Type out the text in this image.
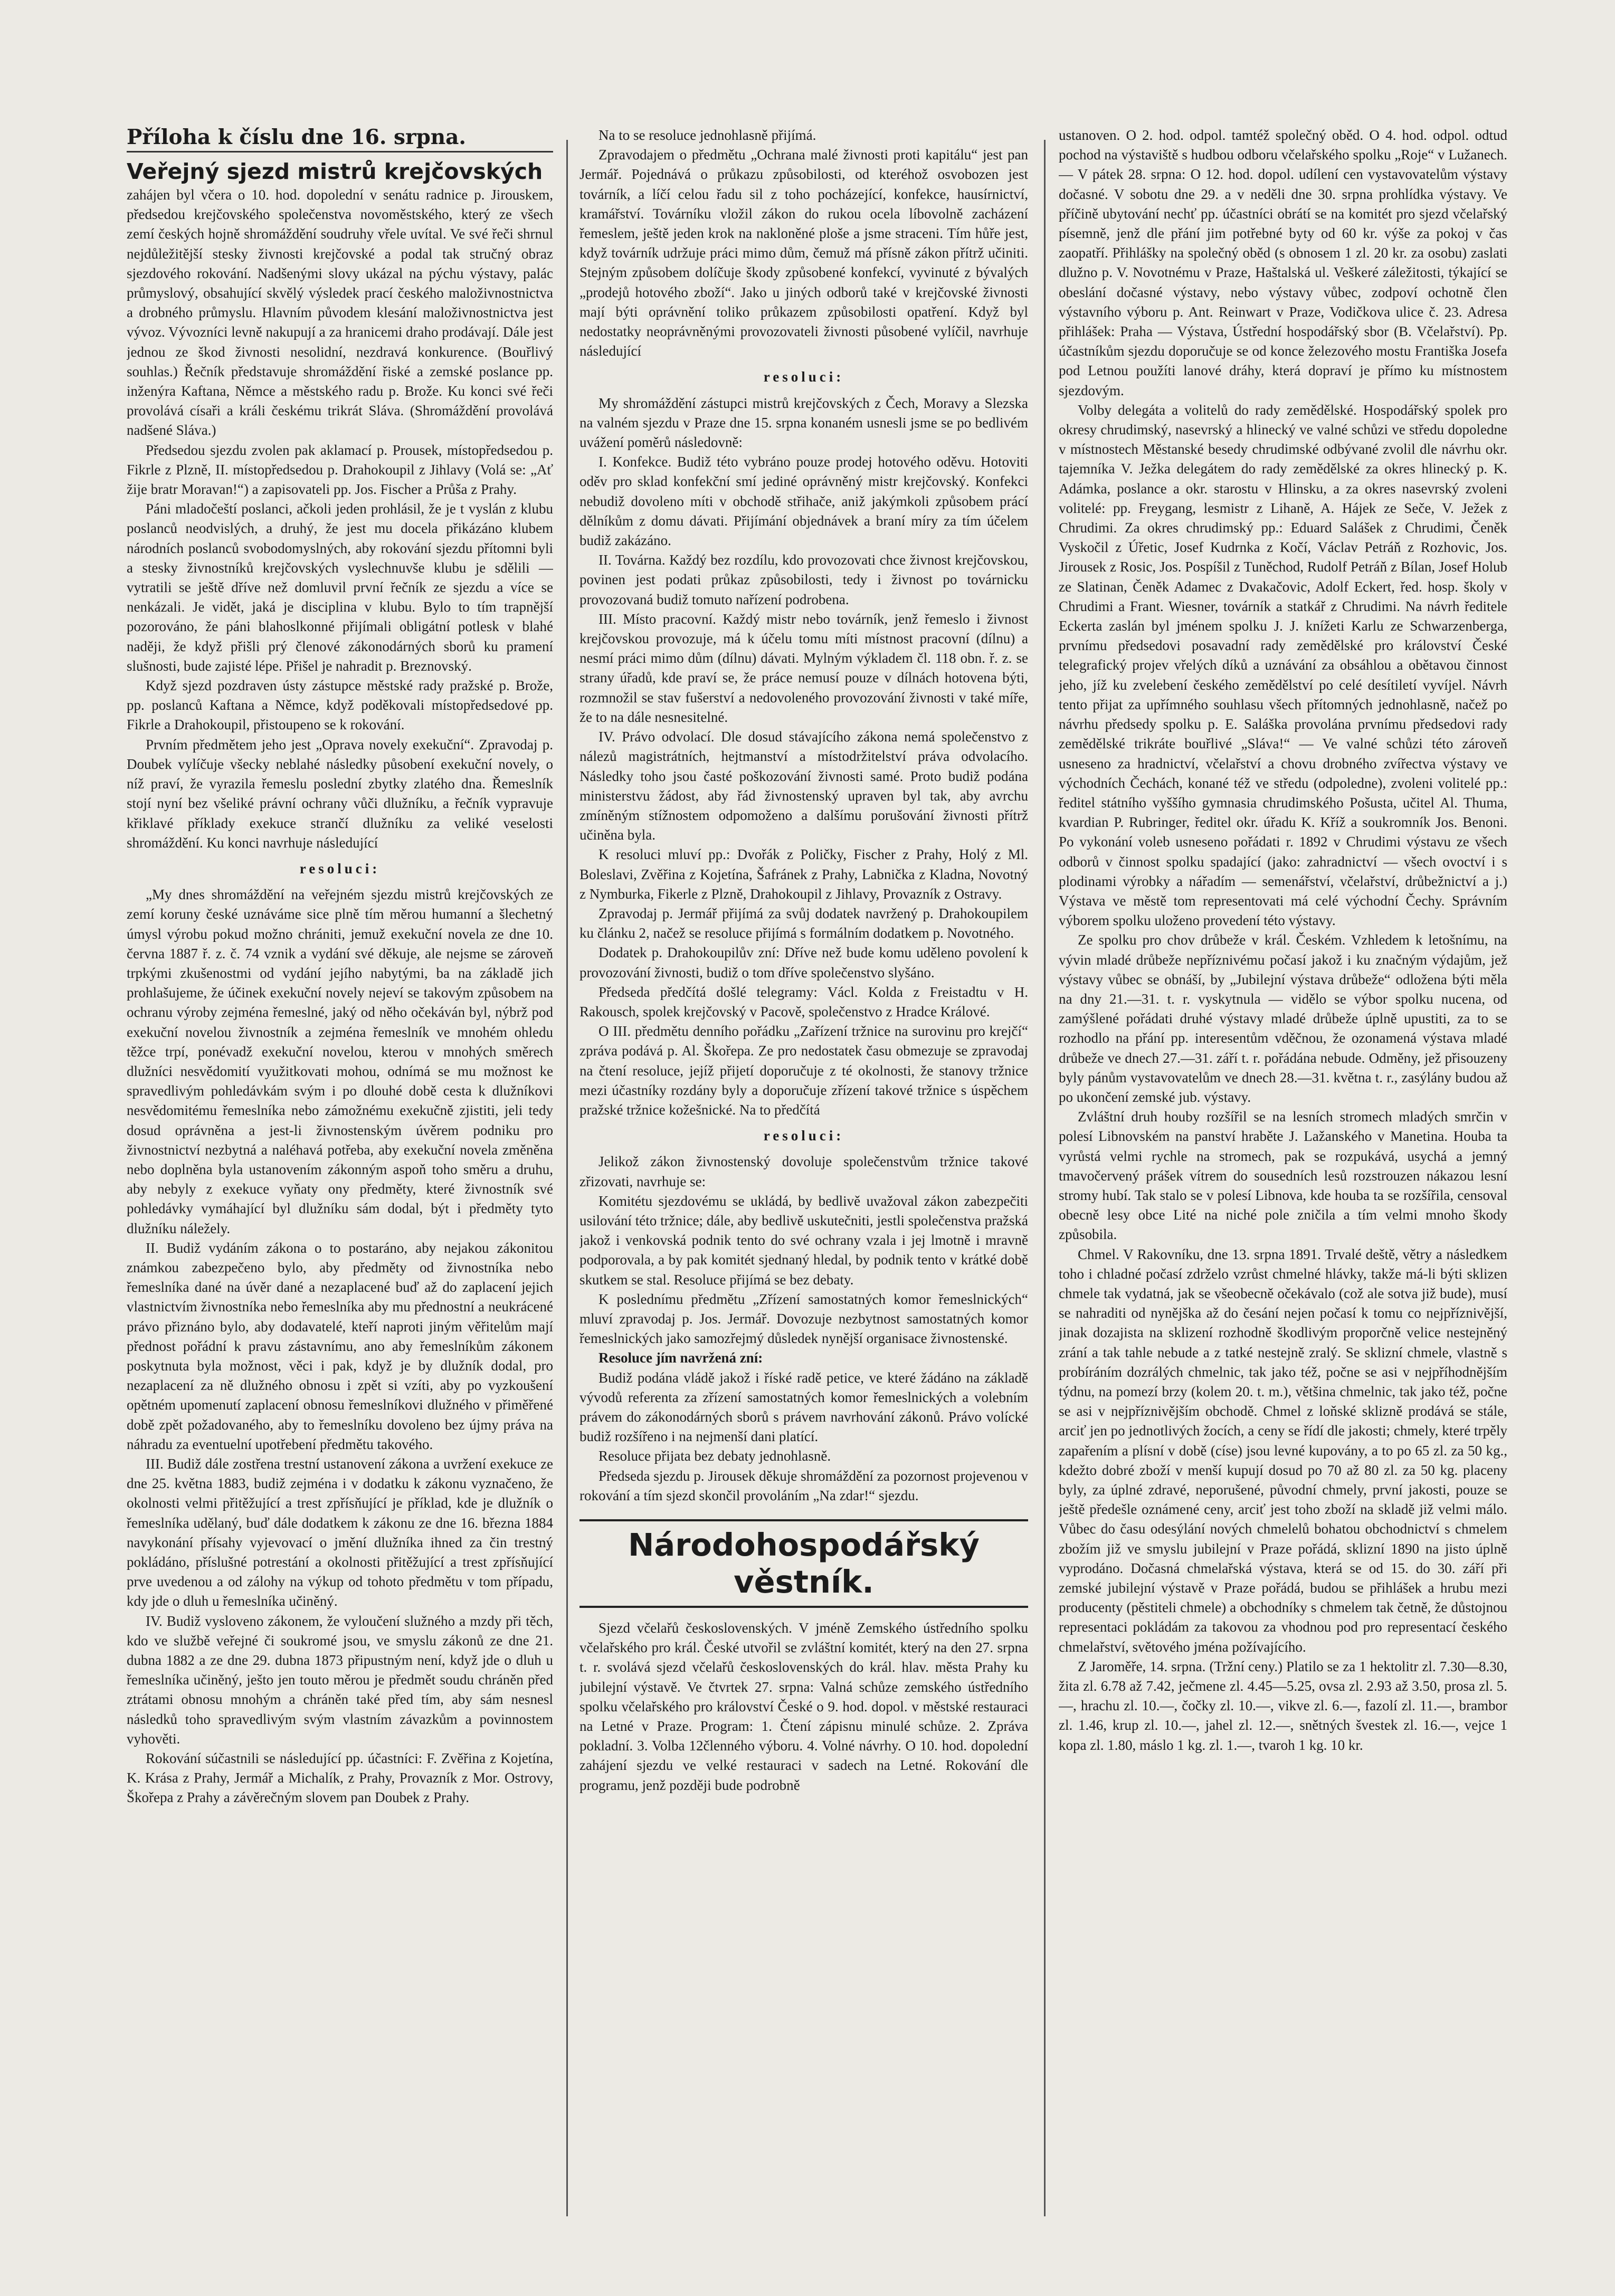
Příloha k číslu dne 16. srpna.
Veřejný sjezd mistrů krejčovských

zahájen byl včera o 10. hod. dopolední v senátu radnice p. Jirouskem, předsedou krejčovského společenstva novoměstského, který ze všech zemí českých hojně shromáždění soudruhy vřele uvítal. Ve své řeči shrnul nejdůležitější stesky živnosti krejčovské a podal tak stručný obraz sjezdového rokování. Nadšenými slovy ukázal na pýchu výstavy, palác průmyslový, obsahující skvělý výsledek prací českého maloživnostnictva a drobného průmyslu. Hlavním původem klesání maloživnostnictva jest vývoz. Vývozníci levně nakupují a za hranicemi draho prodávají. Dále jest jednou ze škod živnosti nesolidní, nezdravá konkurence. (Bouřlivý souhlas.) Řečník představuje shromáždění řiské a zemské poslance pp. inženýra Kaftana, Němce a městského radu p. Brože. Ku konci své řeči provolává císaři a králi českému trikrát Sláva. (Shromáždění provolává nadšené Sláva.)

Předsedou sjezdu zvolen pak aklamací p. Prousek, místopředsedou p. Fikrle z Plzně, II. místopředsedou p. Drahokoupil z Jihlavy (Volá se: „Ať žije bratr Moravan!“) a zapisovateli pp. Jos. Fischer a Průša z Prahy.

Páni mladočeští poslanci, ačkoli jeden prohlásil, že je t vyslán z klubu poslanců neodvislých, a druhý, že jest mu docela přikázáno klubem národních poslanců svobodomyslných, aby rokování sjezdu přítomni byli a stesky živnostníků krejčovských vyslechnuvše klubu je sdělili — vytratili se ještě dříve než domluvil první řečník ze sjezdu a více se nenkázali. Je vidět, jaká je disciplina v klubu. Bylo to tím trapnější pozorováno, že páni blahoslkonné přijímali obligátní potlesk v blahé naději, že když přišli prý členové zákonodárných sborů ku pramení slušnosti, bude zajisté lépe. Přišel je nahradit p. Breznovský.

Když sjezd pozdraven ústy zástupce městské rady pražské p. Brože, pp. poslanců Kaftana a Němce, když poděkovali místopředsedové pp. Fikrle a Drahokoupil, přistoupeno se k rokování.

Prvním předmětem jeho jest „Oprava novely exekuční“. Zpravodaj p. Doubek vylíčuje všecky neblahé následky působení exekuční novely, o níž praví, že vyrazila řemeslu poslední zbytky zlatého dna. Řemeslník stojí nyní bez všeliké právní ochrany vůči dlužníku, a řečník vypravuje křiklavé příklady exekuce strančí dlužníku za veliké veselosti shromáždění. Ku konci navrhuje následující

resoluci:

„My dnes shromáždění na veřejném sjezdu mistrů krejčovských ze zemí koruny české uznáváme sice plně tím měrou humanní a šlechetný úmysl výrobu pokud možno chrániti, jemuž exekuční novela ze dne 10. června 1887 ř. z. č. 74 vznik a vydání své děkuje, ale nejsme se zároveň trpkými zkušenostmi od vydání jejího nabytými, ba na základě jich prohlašujeme, že účinek exekuční novely nejeví se takovým způsobem na ochranu výroby zejména řemeslné, jaký od něho očekáván byl, nýbrž pod exekuční novelou živnostník a zejména řemeslník ve mnohém ohledu těžce trpí, ponévadž exekuční novelou, kterou v mnohých směrech dlužníci nesvědomití využitkovati mohou, odnímá se mu možnost ke spravedlivým pohledávkám svým i po dlouhé době cesta k dlužníkovi nesvědomitému řemeslníka nebo zámožnému exekučně zjistiti, jeli tedy dosud oprávněna a jest-li živnostenským úvěrem podniku pro živnostnictví nezbytná a naléhavá potřeba, aby exekuční novela změněna nebo doplněna byla ustanovením zákonným aspoň toho směru a druhu, aby nebyly z exekuce vyňaty ony předměty, které živnostník své pohledávky vymáhající byl dlužníku sám dodal, být i předměty tyto dlužníku náležely.

II. Budiž vydáním zákona o to postaráno, aby nejakou zákonitou známkou zabezpečeno bylo, aby předměty od živnostníka nebo řemeslníka dané na úvěr dané a nezaplacené buď až do zaplacení jejich vlastnictvím živnostníka nebo řemeslníka aby mu přednostní a neukrácené právo přiznáno bylo, aby dodavatelé, kteří naproti jiným věřitelům mají přednost pořádní k pravu zástavnímu, ano aby řemeslníkům zákonem poskytnuta byla možnost, věci i pak, když je by dlužník dodal, pro nezaplacení za ně dlužného obnosu i zpět si vzíti, aby po vyzkoušení opětném upomenutí zaplacení obnosu řemeslníkovi dlužného v přiměřené době zpět požadovaného, aby to řemeslníku dovoleno bez újmy práva na náhradu za eventuelní upotřebení předmětu takového.

III. Budiž dále zostřena trestní ustanovení zákona a uvržení exekuce ze dne 25. května 1883, budiž zejména i v dodatku k zákonu vyznačeno, že okolnosti velmi přitěžující a trest zpřísňující je příklad, kde je dlužník o řemeslníka udělaný, buď dále dodatkem k zákonu ze dne 16. března 1884 navykonání přísahy vyjevovací o jmění dlužníka ihned za čin trestný pokládáno, příslušné potrestání a okolnosti přitěžující a trest zpřísňující prve uvedenou a od zálohy na výkup od tohoto předmětu v tom případu, kdy jde o dluh u řemeslníka učiněný.

IV. Budiž vysloveno zákonem, že vyloučení služného a mzdy při těch, kdo ve službě veřejné či soukromé jsou, ve smyslu zákonů ze dne 21. dubna 1882 a ze dne 29. dubna 1873 připustným není, když jde o dluh u řemeslníka učiněný, ješto jen touto měrou je předmět soudu chráněn před ztrátami obnosu mnohým a chráněn také před tím, aby sám nesnesl následků toho spravedlivým svým vlastním závazkům a povinnostem vyhověti.

Rokování súčastnili se následující pp. účastníci: F. Zvěřina z Kojetína, K. Krása z Prahy, Jermář a Michalík, z Prahy, Provazník z Mor. Ostrovy, Škořepa z Prahy a závěrečným slovem pan Doubek z Prahy.

Na to se resoluce jednohlasně přijímá.

Zpravodajem o předmětu „Ochrana malé živnosti proti kapitálu“ jest pan Jermář. Pojednává o průkazu způsobilosti, od kteréhož osvobozen jest továrník, a líčí celou řadu sil z toho pocházející, konfekce, hausírnictví, kramářství. Továrníku vložil zákon do rukou ocela líbovolně zacházení řemeslem, ještě jeden krok na nakloněné ploše a jsme straceni. Tím hůře jest, když továrník udržuje práci mimo dům, čemuž má přísně zákon přítrž učiniti. Stejným způsobem dolíčuje škody způsobené konfekcí, vyvinuté z bývalých „prodejů hotového zboží“. Jako u jiných odborů také v krejčovské živnosti mají býti oprávnění toliko průkazem způsobilosti opatření. Když byl nedostatky neoprávněnými provozovateli živnosti působené vylíčil, navrhuje následující

resoluci:

My shromáždění zástupci mistrů krejčovských z Čech, Moravy a Slezska na valném sjezdu v Praze dne 15. srpna konaném usnesli jsme se po bedlivém uvážení poměrů následovně:

I. Konfekce. Budiž této vybráno pouze prodej hotového oděvu. Hotoviti oděv pro sklad konfekční smí jediné oprávněný mistr krejčovský. Konfekci nebudiž dovoleno míti v obchodě střihače, aniž jakýmkoli způsobem prácí dělníkům z domu dávati. Přijímání objednávek a braní míry za tím účelem budiž zakázáno.

II. Továrna. Každý bez rozdílu, kdo provozovati chce živnost krejčovskou, povinen jest podati průkaz způsobilosti, tedy i živnost po továrnicku provozovaná budiž tomuto nařízení podrobena.

III. Místo pracovní. Každý mistr nebo továrník, jenž řemeslo i živnost krejčovskou provozuje, má k účelu tomu míti místnost pracovní (dílnu) a nesmí práci mimo dům (dílnu) dávati. Mylným výkladem čl. 118 obn. ř. z. se strany úřadů, kde praví se, že práce nemusí pouze v dílnách hotovena býti, rozmnožil se stav fušerství a nedovoleného provozování živnosti v také míře, že to na dále nesnesitelné.

IV. Právo odvolací. Dle dosud stávajícího zákona nemá společenstvo z nálezů magistrátních, hejtmanství a místodržitelství práva odvolacího. Následky toho jsou časté poškozování živnosti samé. Proto budiž podána ministerstvu žádost, aby řád živnostenský upraven byl tak, aby avrchu zmíněným stížnostem odpomoženo a dalšímu porušování živnosti přítrž učiněna byla.

K resoluci mluví pp.: Dvořák z Poličky, Fischer z Prahy, Holý z Ml. Boleslavi, Zvěřina z Kojetína, Šafránek z Prahy, Labnička z Kladna, Novotný z Nymburka, Fikerle z Plzně, Drahokoupil z Jihlavy, Provazník z Ostravy.

Zpravodaj p. Jermář přijímá za svůj dodatek navržený p. Drahokoupilem ku článku 2, načež se resoluce přijímá s formálním dodatkem p. Novotného.

Dodatek p. Drahokoupilův zní: Dříve než bude komu uděleno povolení k provozování živnosti, budiž o tom dříve společenstvo slyšáno.

Předseda předčítá došlé telegramy: Václ. Kolda z Freistadtu v H. Rakousch, spolek krejčovský v Pacově, společenstvo z Hradce Králové.

O III. předmětu denního pořádku „Zařízení tržnice na surovinu pro krejčí“ zpráva podává p. Al. Škořepa. Ze pro nedostatek času obmezuje se zpravodaj na čtení resoluce, jejíž přijetí doporučuje z té okolnosti, že stanovy tržnice mezi účastníky rozdány byly a doporučuje zřízení takové tržnice s úspěchem pražské tržnice kožešnické. Na to předčítá

resoluci:

Jelikož zákon živnostenský dovoluje společenstvům tržnice takové zřizovati, navrhuje se:

Komitétu sjezdovému se ukládá, by bedlivě uvažoval zákon zabezpečiti usilování této tržnice; dále, aby bedlivě uskutečniti, jestli společenstva pražská jakož i venkovská podnik tento do své ochrany vzala i jej lmotně i mravně podporovala, a by pak komitét sjednaný hledal, by podnik tento v krátké době skutkem se stal. Resoluce přijímá se bez debaty.

K poslednímu předmětu „Zřízení samostatných komor řemeslnických“ mluví zpravodaj p. Jos. Jermář. Dovozuje nezbytnost samostatných komor řemeslnických jako samozřejmý důsledek nynější organisace živnostenské.

Resoluce jím navržená zní:

Budiž podána vládě jakož i říské radě petice, ve které žádáno na základě vývodů referenta za zřízení samostatných komor řemeslnických a volebním právem do zákonodárných sborů s právem navrhování zákonů. Právo volícké budiž rozšířeno i na nejmenší dani platící.

Resoluce přijata bez debaty jednohlasně.

Předseda sjezdu p. Jirousek děkuje shromáždění za pozornost projevenou v rokování a tím sjezd skončil provoláním „Na zdar!“ sjezdu.

Národohospodářský věstník.

Sjezd včelařů československých. V jméně Zemského ústředního spolku včelařského pro král. České utvořil se zvláštní komitét, který na den 27. srpna t. r. svolává sjezd včelařů československých do král. hlav. města Prahy ku jubilejní výstavě. Ve čtvrtek 27. srpna: Valná schůze zemského ústředního spolku včelařského pro království České o 9. hod. dopol. v městské restauraci na Letné v Praze. Program: 1. Čtení zápisnu minulé schůze. 2. Zpráva pokladní. 3. Volba 12členného výboru. 4. Volné návrhy. O 10. hod. dopolední zahájení sjezdu ve velké restauraci v sadech na Letné. Rokování dle programu, jenž později bude podrobně

ustanoven. O 2. hod. odpol. tamtéž společný oběd. O 4. hod. odpol. odtud pochod na výstaviště s hudbou odboru včelařského spolku „Roje“ v Lužanech. — V pátek 28. srpna: O 12. hod. dopol. udílení cen vystavovatelům výstavy dočasné. V sobotu dne 29. a v neděli dne 30. srpna prohlídka výstavy. Ve příčině ubytování nechť pp. účastníci obrátí se na komitét pro sjezd včelařský písemně, jenž dle přání jim potřebné byty od 60 kr. výše za pokoj v čas zaopatří. Přihlášky na společný oběd (s obnosem 1 zl. 20 kr. za osobu) zaslati dlužno p. V. Novotnému v Praze, Haštalská ul. Veškeré záležitosti, týkající se obeslání dočasné výstavy, nebo výstavy vůbec, zodpoví ochotně člen výstavního výboru p. Ant. Reinwart v Praze, Vodičkova ulice č. 23. Adresa přihlášek: Praha — Výstava, Ústřední hospodářský sbor (B. Včelařství). Pp. účastníkům sjezdu doporučuje se od konce železového mostu Františka Josefa pod Letnou použíti lanové dráhy, která dopraví je přímo ku místnostem sjezdovým.

Volby delegáta a volitelů do rady zemědělské. Hospodářský spolek pro okresy chrudimský, nasevrský a hlinecký ve valné schůzi ve středu dopoledne v místnostech Městanské besedy chrudimské odbývané zvolil dle návrhu okr. tajemníka V. Ježka delegátem do rady zemědělské za okres hlinecký p. K. Adámka, poslance a okr. starostu v Hlinsku, a za okres nasevrský zvoleni volitelé: pp. Freygang, lesmistr z Lihaně, A. Hájek ze Seče, V. Ježek z Chrudimi. Za okres chrudimský pp.: Eduard Salášek z Chrudimi, Čeněk Vyskočil z Úřetic, Josef Kudrnka z Kočí, Václav Petráň z Rozhovic, Jos. Jirousek z Rosic, Jos. Pospíšil z Tuněchod, Rudolf Petráň z Bílan, Josef Holub ze Slatinan, Čeněk Adamec z Dvakačovic, Adolf Eckert, řed. hosp. školy v Chrudimi a Frant. Wiesner, továrník a statkář z Chrudimi. Na návrh ředitele Eckerta zaslán byl jménem spolku J. J. knížeti Karlu ze Schwarzenberga, prvnímu předsedovi posavadní rady zemědělské pro království České telegrafický projev vřelých díků a uznávání za obsáhlou a obětavou činnost jeho, jíž ku zvelebení českého zemědělství po celé desítiletí vyvíjel. Návrh tento přijat za upřímného souhlasu všech přítomných jednohlasně, načež po návrhu předsedy spolku p. E. Saláška provolána prvnímu předsedovi rady zemědělské trikráte bouřlivé „Sláva!“ — Ve valné schůzi této zároveň usneseno za hradnictví, včelařství a chovu drobného zvířectva výstavy ve východních Čechách, konané též ve středu (odpoledne), zvoleni volitelé pp.: ředitel státního vyššího gymnasia chrudimského Pošusta, učitel Al. Thuma, kvardian P. Rubringer, ředitel okr. úřadu K. Kříž a soukromník Jos. Benoni. Po vykonání voleb usneseno pořádati r. 1892 v Chrudimi výstavu ze všech odborů v činnost spolku spadající (jako: zahradnictví — všech ovoctví i s plodinami výrobky a nářadím — semenářství, včelařství, drůbežnictví a j.) Výstava ve městě tom representovati má celé východní Čechy. Správním výborem spolku uloženo provedení této výstavy.

Ze spolku pro chov drůbeže v král. Českém. Vzhledem k letošnímu, na vývin mladé drůbeže nepříznivému počasí jakož i ku značným výdajům, jež výstavy vůbec se obnáší, by „Jubilejní výstava drůbeže“ odložena býti měla na dny 21.—31. t. r. vyskytnula — vidělo se výbor spolku nucena, od zamýšlené pořádati druhé výstavy mladé drůbeže úplně upustiti, za to se rozhodlo na přání pp. interesentům vděčnou, že ozonamená výstava mladé drůbeže ve dnech 27.—31. září t. r. pořádána nebude. Odměny, jež přisouzeny byly pánům vystavovatelům ve dnech 28.—31. května t. r., zasýlány budou až po ukončení zemské jub. výstavy.

Zvláštní druh houby rozšířil se na lesních stromech mladých smrčin v polesí Libnovském na panství hraběte J. Lažanského v Manetina. Houba ta vyrůstá velmi rychle na stromech, pak se rozpukává, usychá a jemný tmavočervený prášek vítrem do sousedních lesů rozstrouzen nákazou lesní stromy hubí. Tak stalo se v polesí Libnova, kde houba ta se rozšířila, censoval obecně lesy obce Lité na niché pole zničila a tím velmi mnoho škody způsobila.

Chmel. V Rakovníku, dne 13. srpna 1891. Trvalé deště, větry a následkem toho i chladné počasí zdrželo vzrůst chmelné hlávky, takže má-li býti sklizen chmele tak vydatná, jak se všeobecně očekávalo (což ale sotva již bude), musí se nahraditi od nynějška až do česání nejen počasí k tomu co nejpříznivější, jinak dozajista na sklizení rozhodně škodlivým proporčně velice nestejněný zrání a tak tahle nebude a z tatké nestejně zralý. Se sklizní chmele, vlastně s probíráním dozrálých chmelnic, tak jako též, počne se asi v nejpříhodnějším týdnu, na pomezí brzy (kolem 20. t. m.), většina chmelnic, tak jako též, počne se asi v nejpříznivějším obchodě. Chmel z loňské sklizně prodává se stále, arciť jen po jednotlivých žocích, a ceny se řídí dle jakosti; chmely, které trpěly zapařením a plísní v době (císe) jsou levné kupovány, a to po 65 zl. za 50 kg., kdežto dobré zboží v menší kupují dosud po 70 až 80 zl. za 50 kg. placeny byly, za úplné zdravé, neporušené, původní chmely, první jakosti, pouze se ještě předešle oznámené ceny, arciť jest toho zboží na skladě již velmi málo. Vůbec do času odesýlání nových chmelelů bohatou obchodnictví s chmelem zbožím již ve smyslu jubilejní v Praze pořádá, sklizní 1890 na jisto úplně vyprodáno. Dočasná chmelařská výstava, která se od 15. do 30. září při zemské jubilejní výstavě v Praze pořádá, budou se přihlášek a hrubu mezi producenty (pěstiteli chmele) a obchodníky s chmelem tak četně, že důstojnou representaci pokládám za takovou za vhodnou pod pro representací českého chmelařství, světového jména požívajícího.

Z Jaroměře, 14. srpna. (Tržní ceny.) Platilo se za 1 hektolitr zl. 7.30—8.30, žita zl. 6.78 až 7.42, ječmene zl. 4.45—5.25, ovsa zl. 2.93 až 3.50, prosa zl. 5.—, hrachu zl. 10.—, čočky zl. 10.—, vikve zl. 6.—, fazolí zl. 11.—, brambor zl. 1.46, krup zl. 10.—, jahel zl. 12.—, snětných švestek zl. 16.—, vejce 1 kopa zl. 1.80, máslo 1 kg. zl. 1.—, tvaroh 1 kg. 10 kr.
